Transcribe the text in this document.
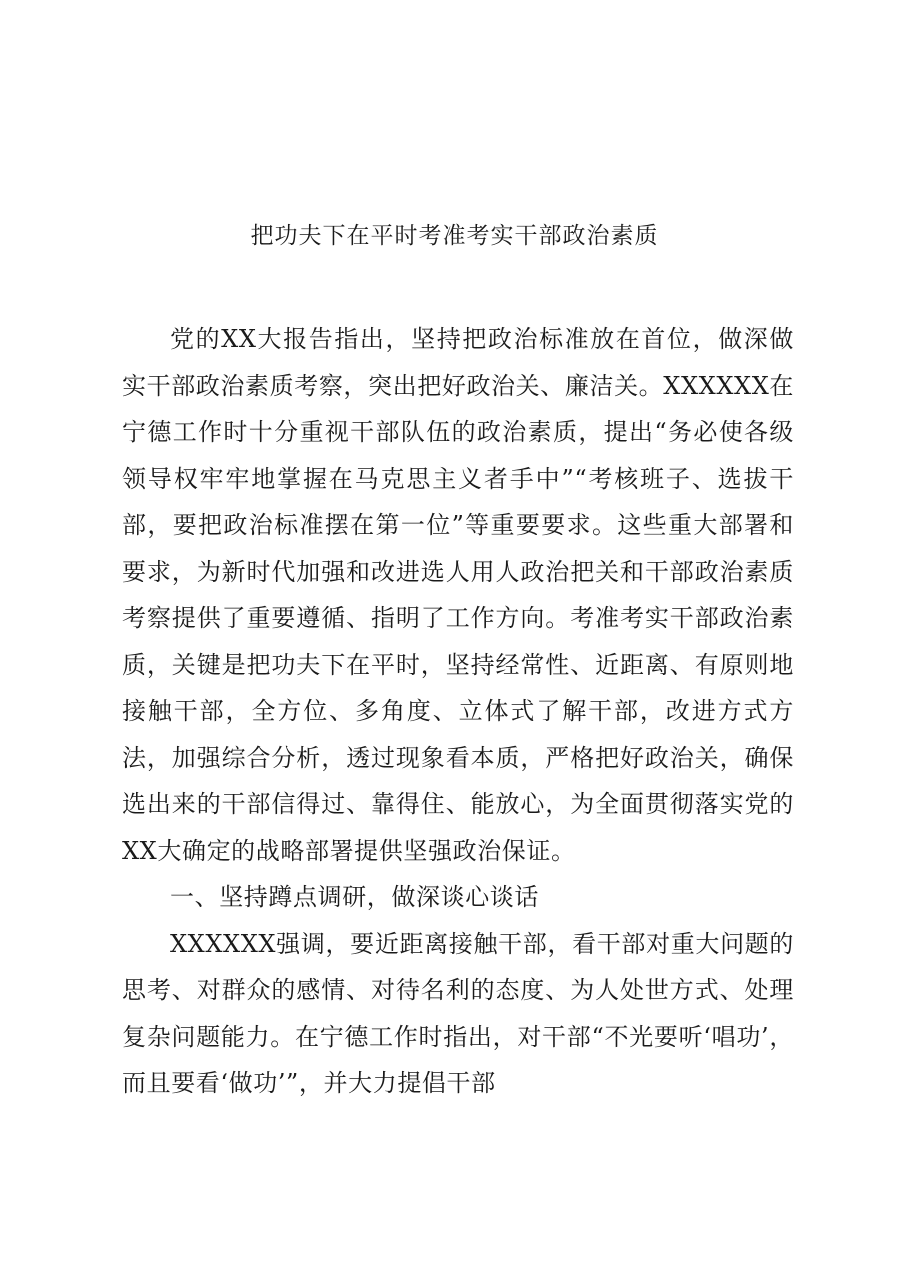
把功夫下在平时考准考实干部政治素质

党的XX大报告指出，坚持把政治标准放在首位，做深做实干部政治素质考察，突出把好政治关、廉洁关。XXXXXX在宁德工作时十分重视干部队伍的政治素质，提出“务必使各级领导权牢牢地掌握在马克思主义者手中”“考核班子、选拔干部，要把政治标准摆在第一位”等重要要求。这些重大部署和要求，为新时代加强和改进选人用人政治把关和干部政治素质考察提供了重要遵循、指明了工作方向。考准考实干部政治素质，关键是把功夫下在平时，坚持经常性、近距离、有原则地接触干部，全方位、多角度、立体式了解干部，改进方式方法，加强综合分析，透过现象看本质，严格把好政治关，确保选出来的干部信得过、靠得住、能放心，为全面贯彻落实党的XX大确定的战略部署提供坚强政治保证。

一、坚持蹲点调研，做深谈心谈话

XXXXXX强调，要近距离接触干部，看干部对重大问题的思考、对群众的感情、对待名利的态度、为人处世方式、处理复杂问题能力。在宁德工作时指出，对干部“不光要听‘唱功’，而且要看‘做功’”，并大力提倡干部
